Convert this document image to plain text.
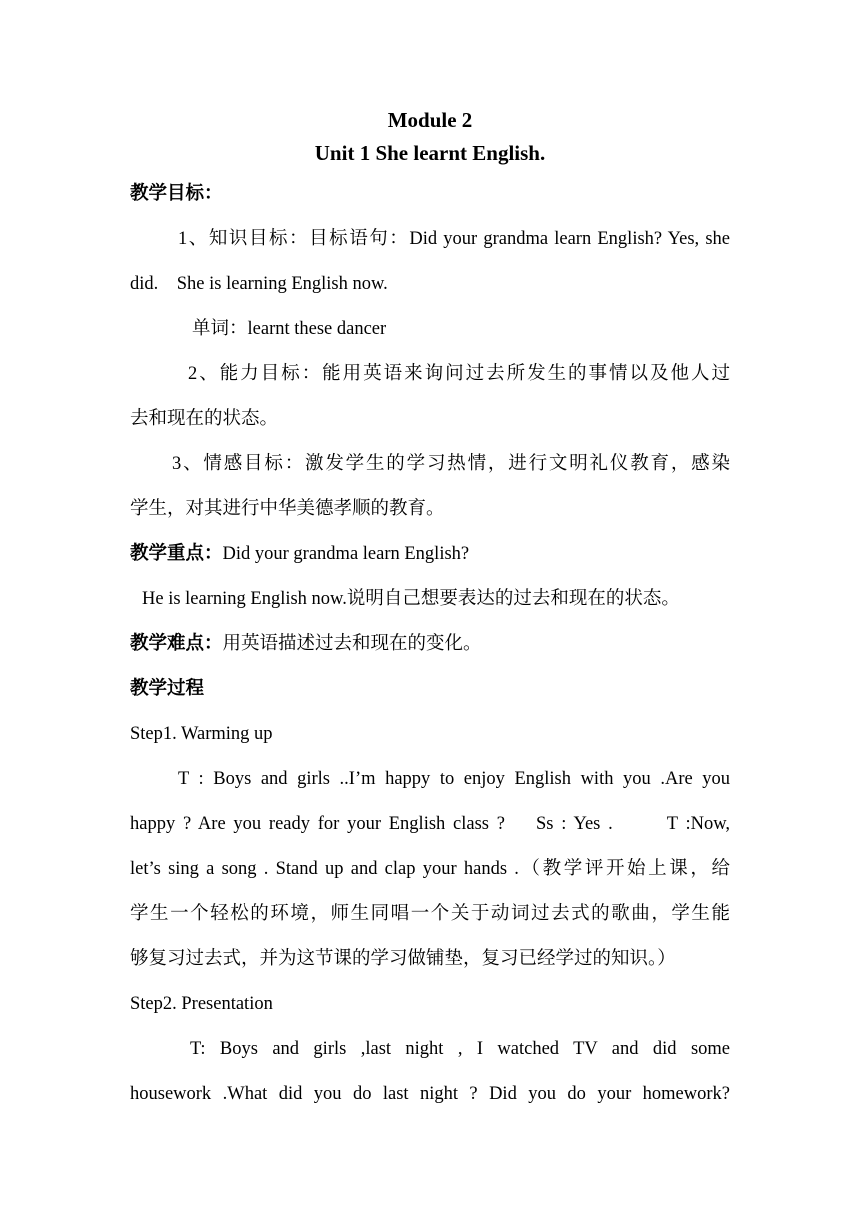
Module 2
Unit 1 She learnt English.
教学目标：
1、知识目标：目标语句：Did your grandma learn English? Yes, she
did.    She is learning English now.
单词：learnt these dancer
2、能力目标：能用英语来询问过去所发生的事情以及他人过
去和现在的状态。
3、情感目标：激发学生的学习热情，进行文明礼仪教育，感染
学生，对其进行中华美德孝顺的教育。
教学重点：Did your grandma learn English?
He is learning English now.说明自己想要表达的过去和现在的状态。
教学难点：用英语描述过去和现在的变化。
教学过程
Step1. Warming up
T : Boys and girls ..I’m happy to enjoy English with you .Are you
happy ? Are you ready for your English class ?    Ss : Yes .       T :Now,
let’s sing a song . Stand up and clap your hands .（教学评开始上课，给
学生一个轻松的环境，师生同唱一个关于动词过去式的歌曲，学生能
够复习过去式，并为这节课的学习做铺垫，复习已经学过的知识。）
Step2. Presentation
T: Boys and girls ,last night , I watched TV and did some
housework .What did you do last night ? Did you do your homework?
